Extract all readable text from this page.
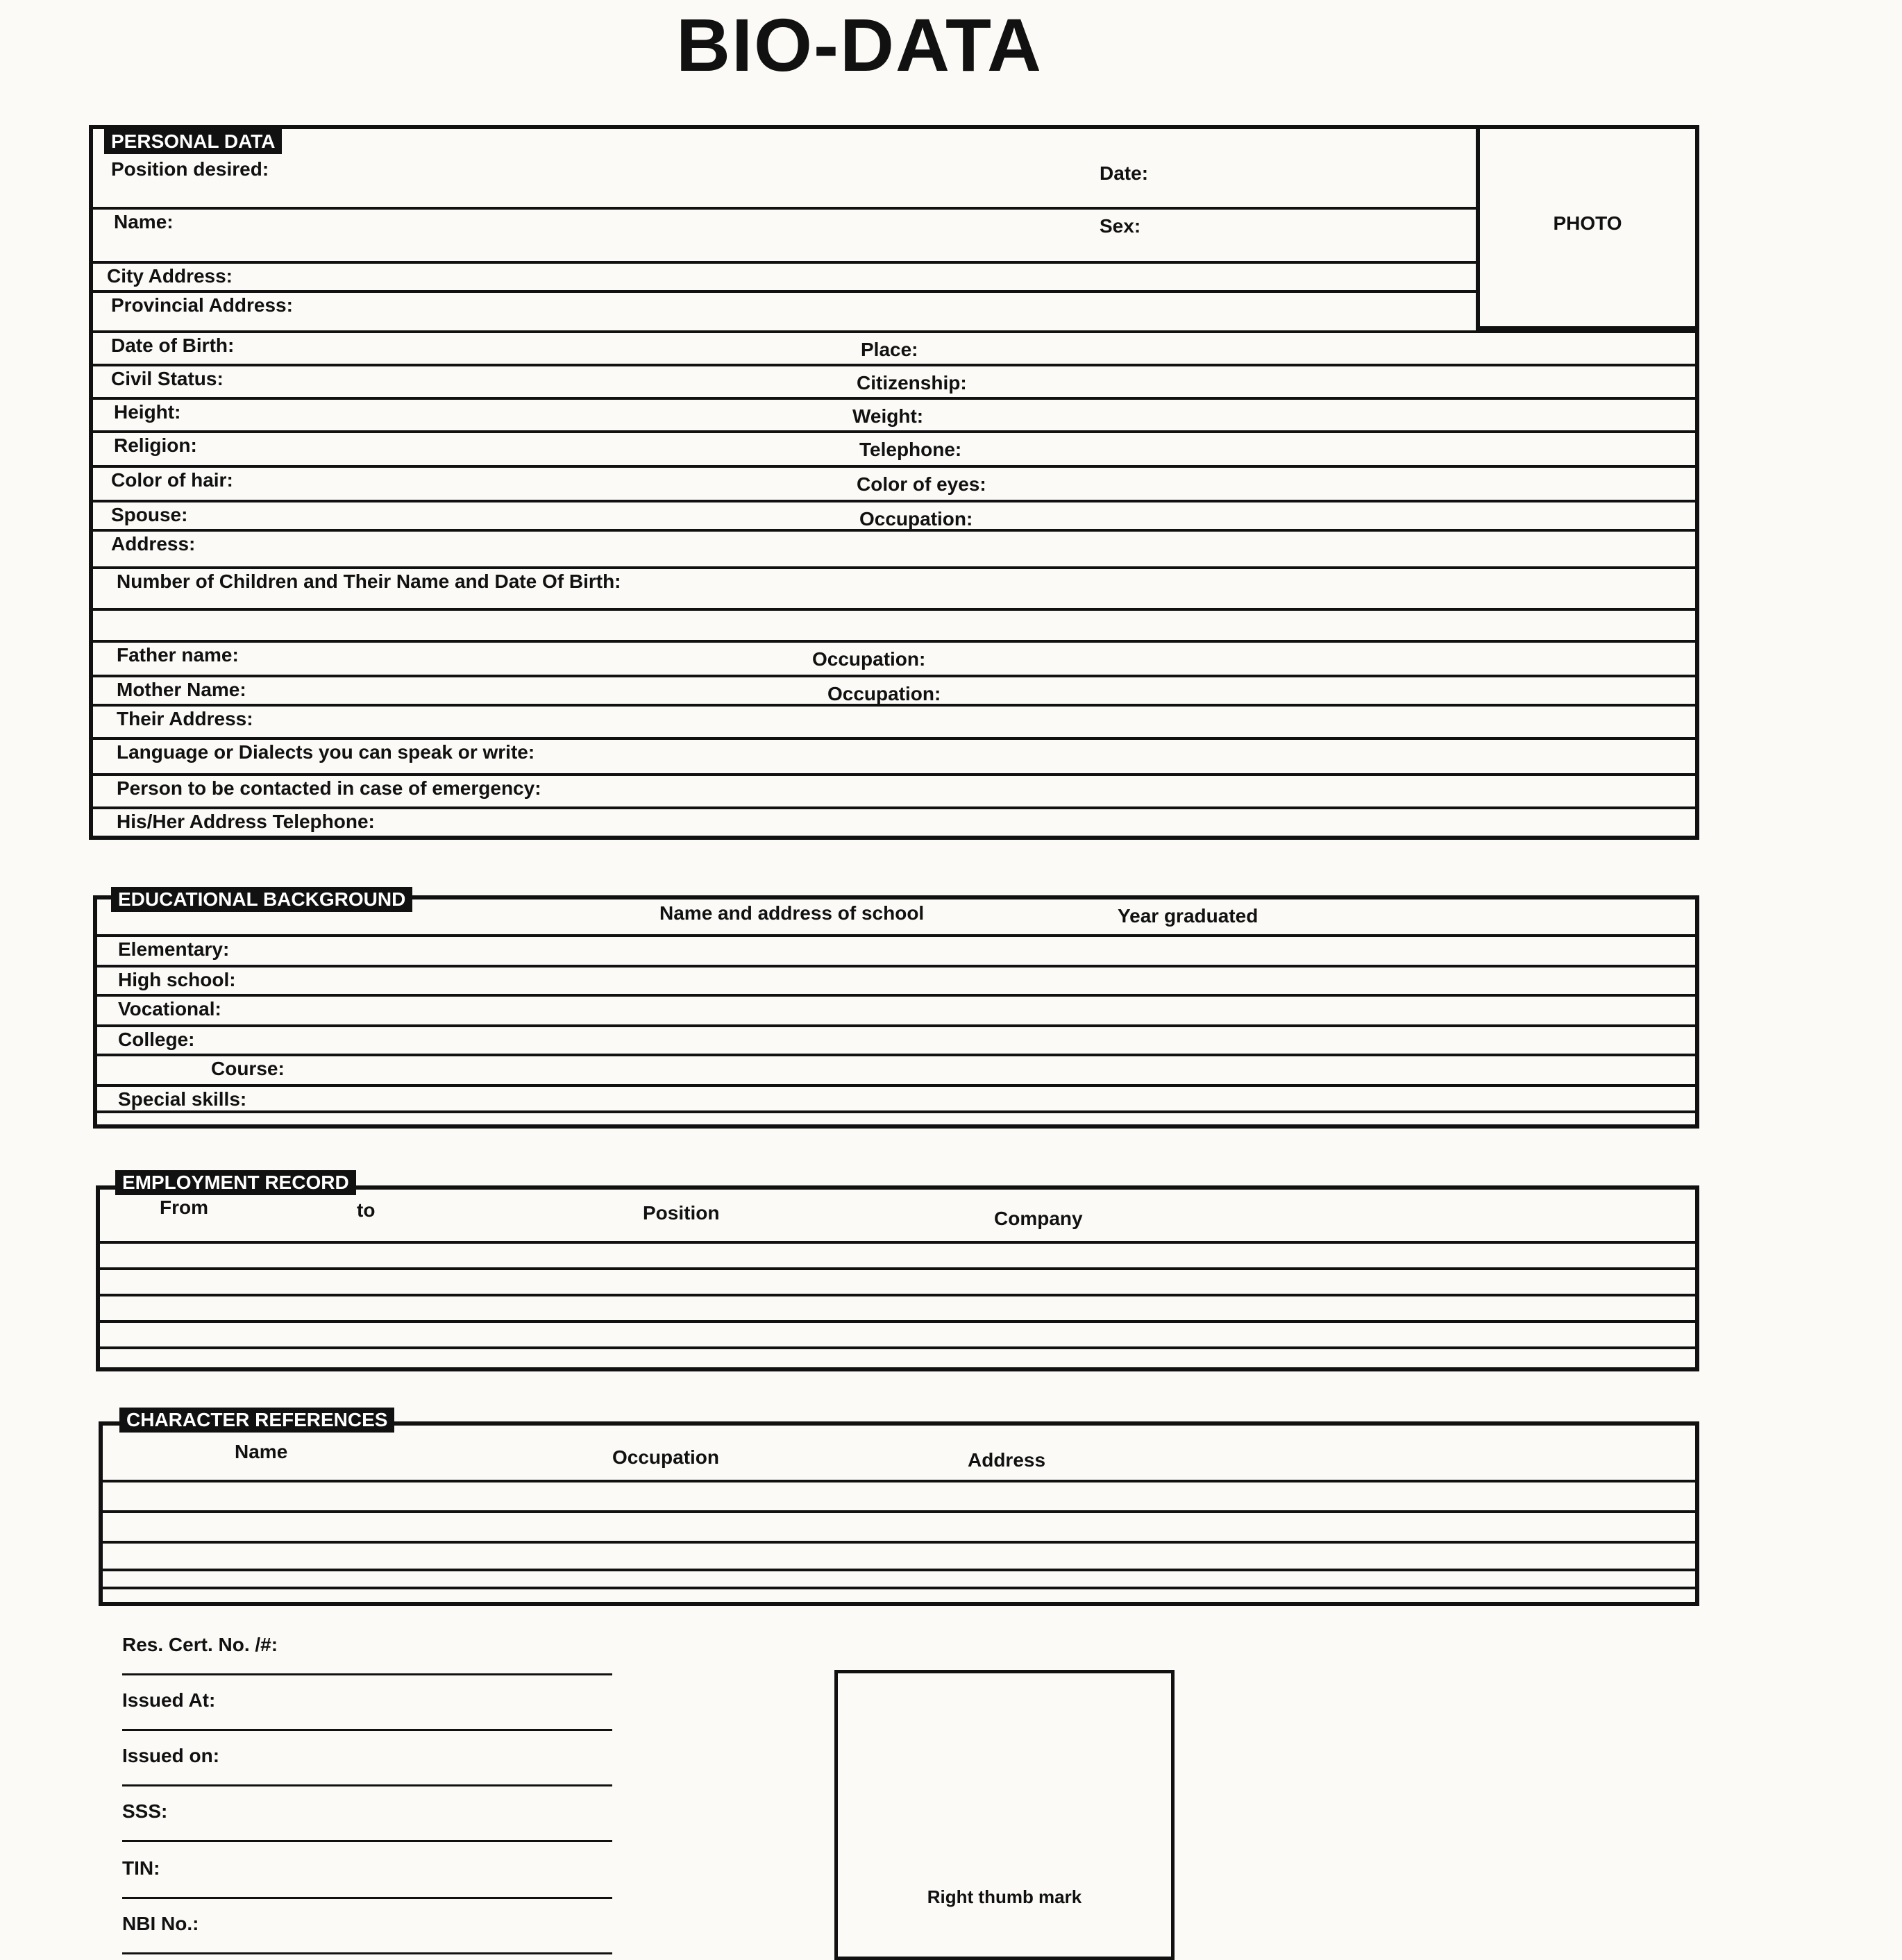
BIO-DATA
PERSONAL DATA
Position desired:	Date:
Name:	Sex:
City Address:
Provincial Address:
Date of Birth:	Place:
Civil Status:	Citizenship:
Height:	Weight:
Religion:	Telephone:
Color of hair:	Color of eyes:
Spouse:	Occupation:
Address:
Number of Children and Their Name and Date Of Birth:
Father name:	Occupation:
Mother Name:	Occupation:
Their Address:
Language or Dialects you can speak or write:
Person to be contacted in case of emergency:
His/Her Address Telephone:
PHOTO
EDUCATIONAL BACKGROUND
Name and address of school	Year graduated
Elementary:
High school:
Vocational:
College:
Course:
Special skills:
EMPLOYMENT RECORD
From	to	Position	Company
CHARACTER REFERENCES
Name	Occupation	Address
Res. Cert. No. /#:
Issued At:
Issued on:
SSS:
TIN:
NBI No.:
Right thumb mark
